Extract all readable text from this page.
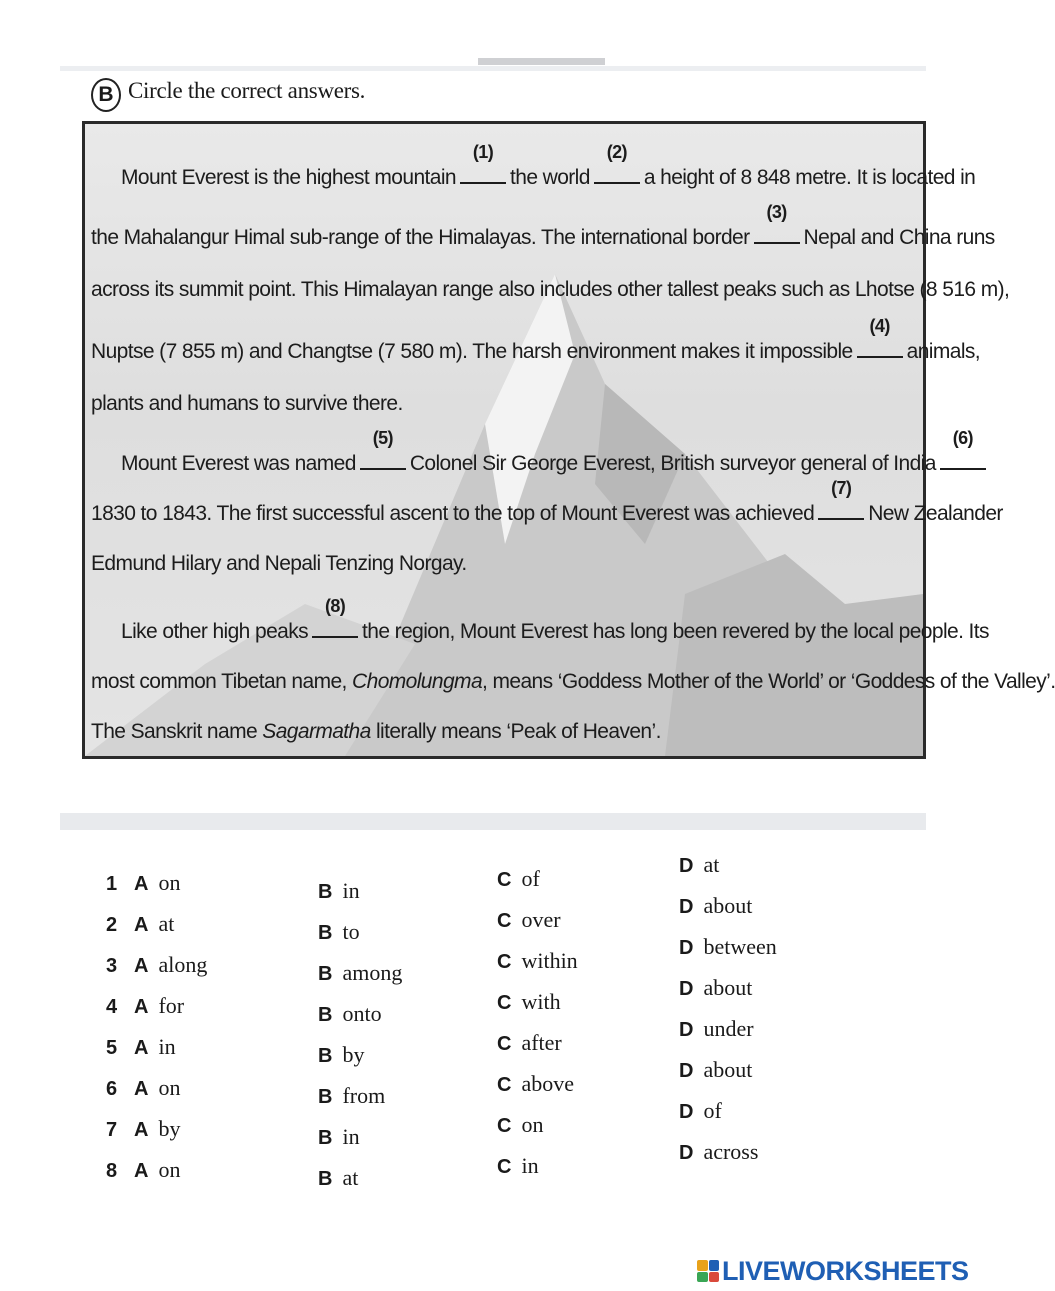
B Circle the correct answers.
Mount Everest is the highest mountain
(1)
the world
(2)
a height of 8 848 metre. It is located in
the Mahalangur Himal sub-range of the Himalayas. The international border
(3)
Nepal and China runs
across its summit point. This Himalayan range also includes other tallest peaks such as Lhotse (8 516 m),
Nuptse (7 855 m) and Changtse (7 580 m). The harsh environment makes it impossible
(4)
animals,
plants and humans to survive there.
Mount Everest was named
(5)
Colonel Sir George Everest, British surveyor general of India
(6)
1830 to 1843. The first successful ascent to the top of Mount Everest was achieved
(7)
New Zealander
Edmund Hilary and Nepali Tenzing Norgay.
Like other high peaks
(8)
the region, Mount Everest has long been revered by the local people. Its
most common Tibetan name, Chomolungma, means ‘Goddess Mother of the World’ or ‘Goddess of the Valley’.
The Sanskrit name Sagarmatha literally means ‘Peak of Heaven’.
1 A on	B in	C of	D at
2 A at	B to	C over	D about
3 A along	B among	C within	D between
4 A for	B onto	C with	D about
5 A in	B by	C after	D under
6 A on	B from	C above	D about
7 A by	B in	C on	D of
8 A on	B at	C in	D across
LIVEWORKSHEETS
